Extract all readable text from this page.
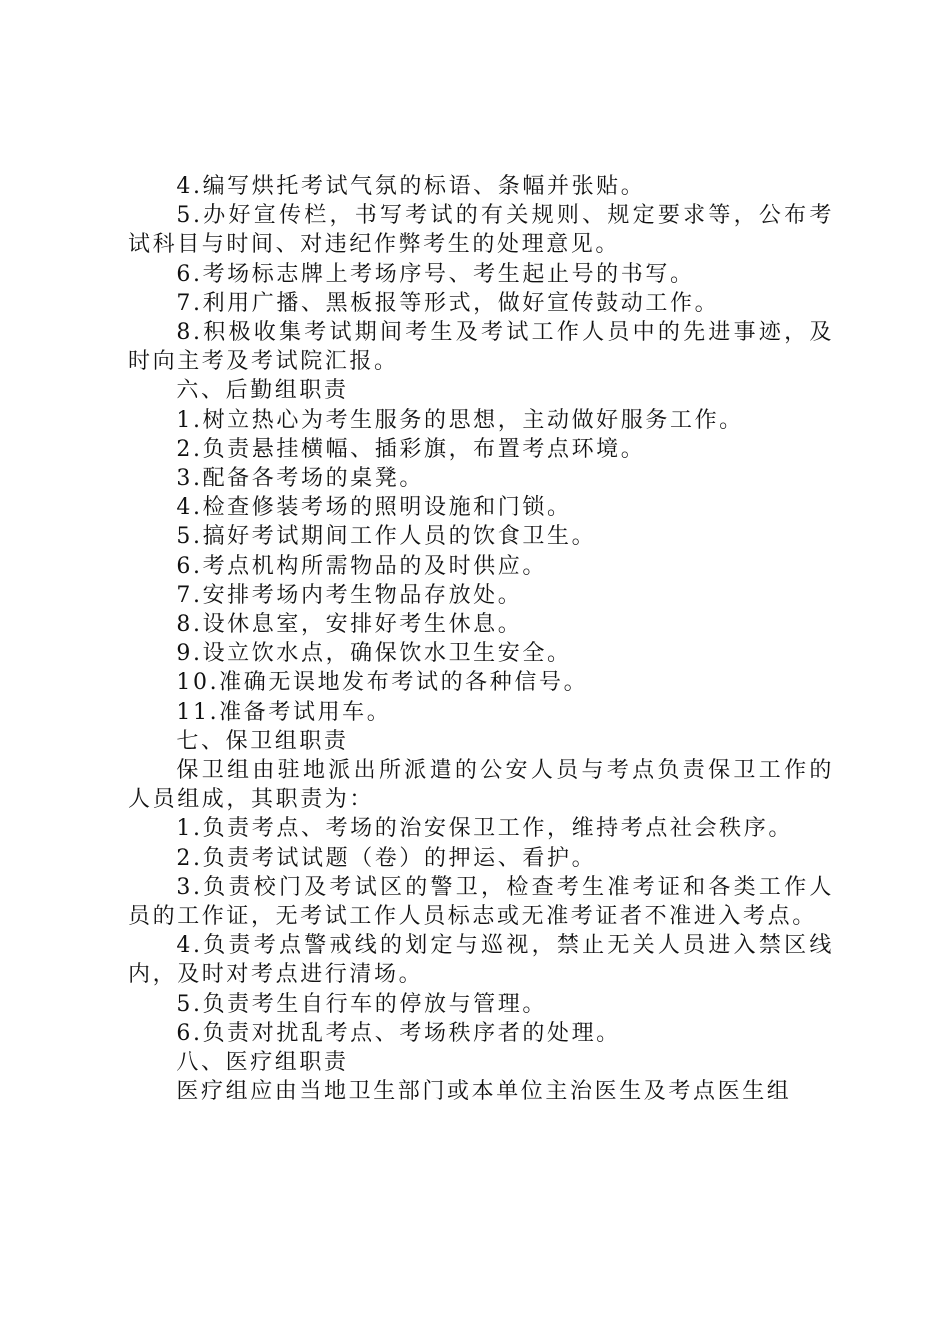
4.编写烘托考试气氛的标语、条幅并张贴。

5.办好宣传栏，书写考试的有关规则、规定要求等，公布考试科目与时间、对违纪作弊考生的处理意见。

6.考场标志牌上考场序号、考生起止号的书写。

7.利用广播、黑板报等形式，做好宣传鼓动工作。

8.积极收集考试期间考生及考试工作人员中的先进事迹，及时向主考及考试院汇报。

六、后勤组职责

1.树立热心为考生服务的思想，主动做好服务工作。

2.负责悬挂横幅、插彩旗，布置考点环境。

3.配备各考场的桌凳。

4.检查修装考场的照明设施和门锁。

5.搞好考试期间工作人员的饮食卫生。

6.考点机构所需物品的及时供应。

7.安排考场内考生物品存放处。

8.设休息室，安排好考生休息。

9.设立饮水点，确保饮水卫生安全。

10.准确无误地发布考试的各种信号。

11.准备考试用车。

七、保卫组职责

保卫组由驻地派出所派遣的公安人员与考点负责保卫工作的人员组成，其职责为：

1.负责考点、考场的治安保卫工作，维持考点社会秩序。

2.负责考试试题（卷）的押运、看护。

3.负责校门及考试区的警卫，检查考生准考证和各类工作人员的工作证，无考试工作人员标志或无准考证者不准进入考点。

4.负责考点警戒线的划定与巡视，禁止无关人员进入禁区线内，及时对考点进行清场。

5.负责考生自行车的停放与管理。

6.负责对扰乱考点、考场秩序者的处理。

八、医疗组职责

医疗组应由当地卫生部门或本单位主治医生及考点医生组
